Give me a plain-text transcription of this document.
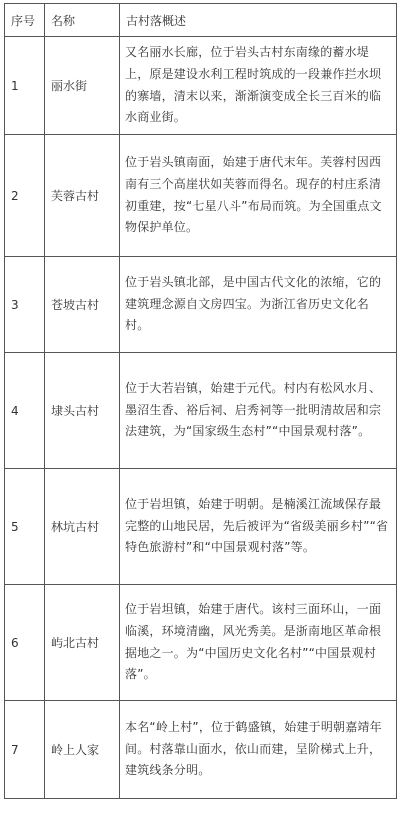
序号	名称	古村落概述
1	丽水街	又名丽水长廊，位于岩头古村东南缘的蓄水堤上，原是建设水利工程时筑成的一段兼作拦水坝的寨墙，清末以来，渐渐演变成全长三百米的临水商业街。
2	芙蓉古村	位于岩头镇南面，始建于唐代末年。芙蓉村因西南有三个高崖状如芙蓉而得名。现存的村庄系清初重建，按“七星八斗”布局而筑。为全国重点文物保护单位。
3	苍坡古村	位于岩头镇北部，是中国古代文化的浓缩，它的建筑理念源自文房四宝。为浙江省历史文化名村。
4	埭头古村	位于大若岩镇，始建于元代。村内有松风水月、墨沼生香、裕后祠、启秀祠等一批明清故居和宗法建筑，为“国家级生态村”“中国景观村落”。
5	林坑古村	位于岩坦镇，始建于明朝。是楠溪江流域保存最完整的山地民居，先后被评为“省级美丽乡村”“省特色旅游村”和“中国景观村落”等。
6	屿北古村	位于岩坦镇，始建于唐代。该村三面环山，一面临溪，环境清幽，风光秀美。是浙南地区革命根据地之一。为“中国历史文化名村”“中国景观村落”。
7	岭上人家	本名“岭上村”，位于鹤盛镇，始建于明朝嘉靖年间。村落靠山面水，依山而建，呈阶梯式上升，建筑线条分明。
